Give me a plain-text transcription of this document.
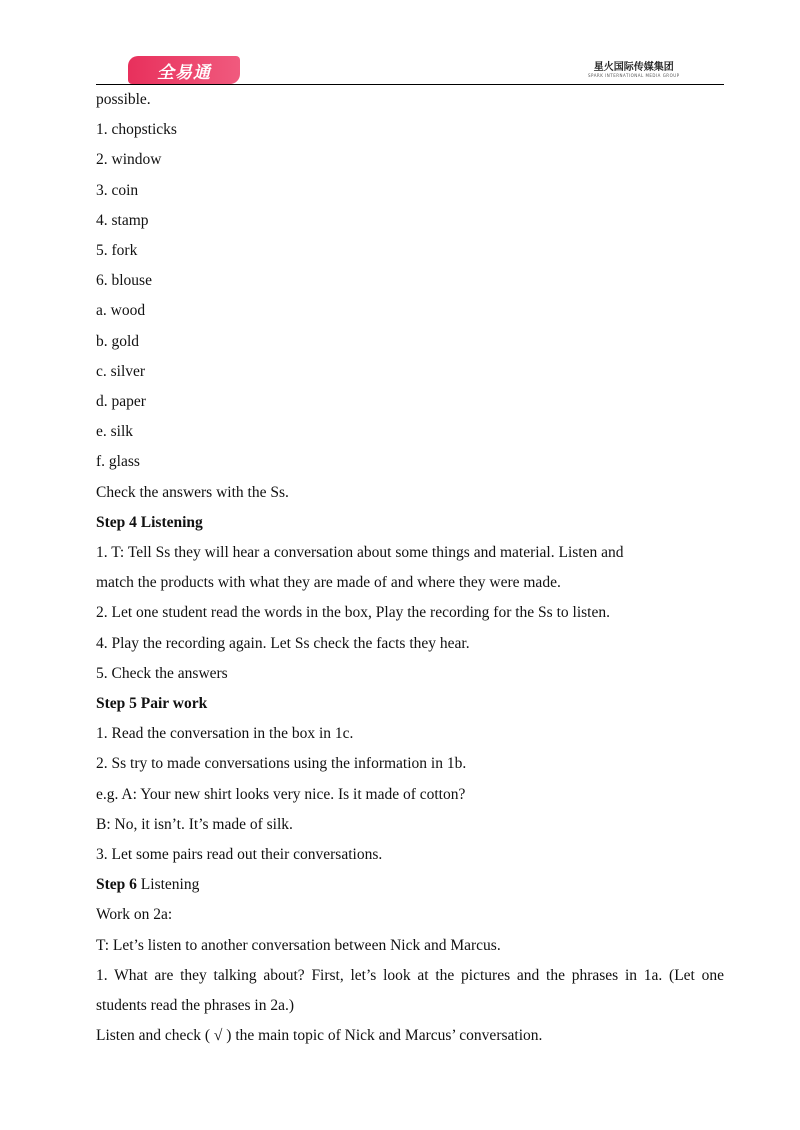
全易通	星火国际传媒集团
SPARK INTERNATIONAL MEDIA GROUP

possible.

1. chopsticks

2. window

3. coin

4. stamp

5. fork

6. blouse

a. wood

b. gold

c. silver

d. paper

e. silk

f. glass

Check the answers with the Ss.

Step 4 Listening

1. T: Tell Ss they will hear a conversation about some things and material. Listen and

match the products with what they are made of and where they were made.

2. Let one student read the words in the box, Play the recording for the Ss to listen.

4. Play the recording again. Let Ss check the facts they hear.

5. Check the answers

Step 5 Pair work

1. Read the conversation in the box in 1c.

2. Ss try to made conversations using the information in 1b.

e.g. A: Your new shirt looks very nice. Is it made of cotton?

B: No, it isn’t. It’s made of silk.

3. Let some pairs read out their conversations.

Step 6 Listening

Work on 2a:

T: Let’s listen to another conversation between Nick and Marcus.

1. What are they talking about? First, let’s look at the pictures and the phrases in 1a. (Let one

students read the phrases in 2a.)

Listen and check ( √ ) the main topic of Nick and Marcus’ conversation.
